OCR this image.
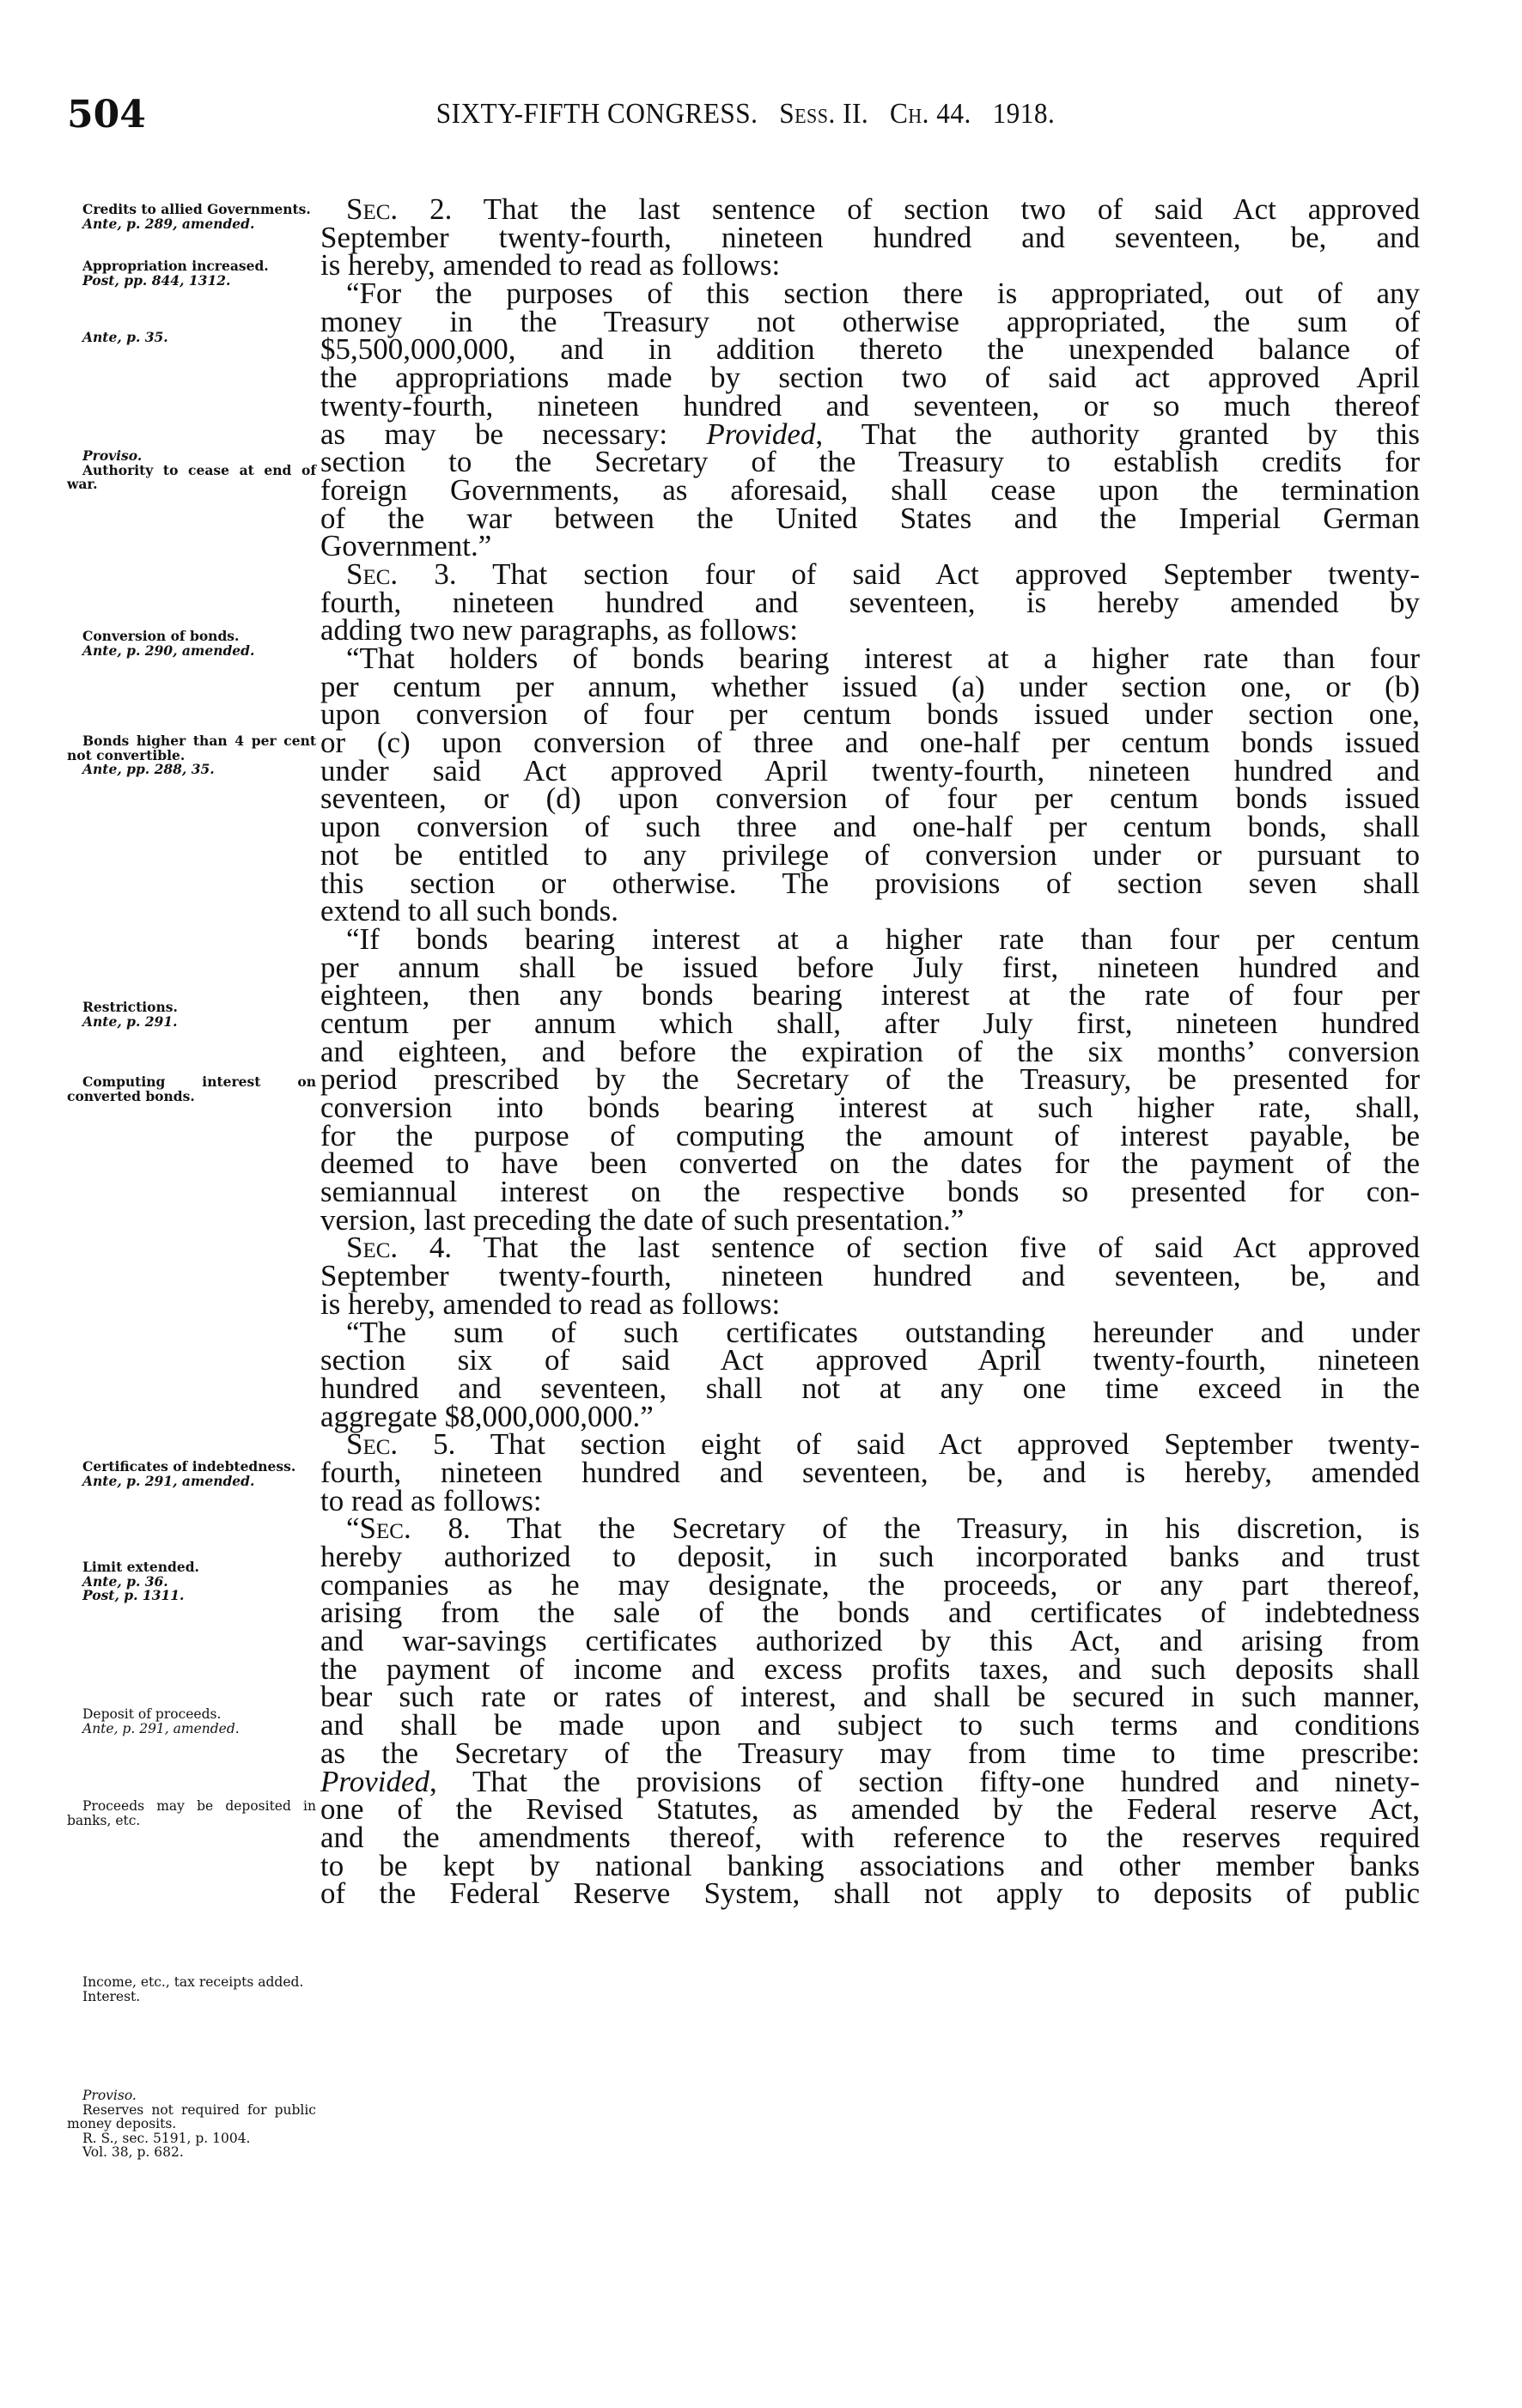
504	SIXTY-FIFTH CONGRESS. Sess. II. Ch. 44. 1918.
Credits to allied Governments.
Ante, p. 289, amended.
Appropriation increased.
Post, pp. 844, 1312.
Ante, p. 35.
Proviso.
Authority to cease at end of war.
Conversion of bonds.
Ante, p. 290, amended.
Bonds higher than 4 per cent not convertible.
Ante, pp. 288, 35.
Restrictions.
Ante, p. 291.
Computing interest on converted bonds.
Certificates of indebtedness.
Ante, p. 291, amended.
Limit extended.
Ante, p. 36.
Post, p. 1311.
Deposit of proceeds.
Ante, p. 291, amended.
Proceeds may be deposited in banks, etc.
Income, etc., tax receipts added.
Interest.
Proviso.
Reserves not required for public money deposits.
R. S., sec. 5191, p. 1004.
Vol. 38, p. 682.
Sec. 2. That the last sentence of section two of said Act approved
September twenty-fourth, nineteen hundred and seventeen, be, and
is hereby, amended to read as follows:
“For the purposes of this section there is appropriated, out of any
money in the Treasury not otherwise appropriated, the sum of
$5,500,000,000, and in addition thereto the unexpended balance of
the appropriations made by section two of said act approved April
twenty-fourth, nineteen hundred and seventeen, or so much thereof
as may be necessary: Provided, That the authority granted by this
section to the Secretary of the Treasury to establish credits for
foreign Governments, as aforesaid, shall cease upon the termination
of the war between the United States and the Imperial German
Government.”
Sec. 3. That section four of said Act approved September twenty-
fourth, nineteen hundred and seventeen, is hereby amended by
adding two new paragraphs, as follows:
“That holders of bonds bearing interest at a higher rate than four
per centum per annum, whether issued (a) under section one, or (b)
upon conversion of four per centum bonds issued under section one,
or (c) upon conversion of three and one-half per centum bonds issued
under said Act approved April twenty-fourth, nineteen hundred and
seventeen, or (d) upon conversion of four per centum bonds issued
upon conversion of such three and one-half per centum bonds, shall
not be entitled to any privilege of conversion under or pursuant to
this section or otherwise. The provisions of section seven shall
extend to all such bonds.
“If bonds bearing interest at a higher rate than four per centum
per annum shall be issued before July first, nineteen hundred and
eighteen, then any bonds bearing interest at the rate of four per
centum per annum which shall, after July first, nineteen hundred
and eighteen, and before the expiration of the six months’ conversion
period prescribed by the Secretary of the Treasury, be presented for
conversion into bonds bearing interest at such higher rate, shall,
for the purpose of computing the amount of interest payable, be
deemed to have been converted on the dates for the payment of the
semiannual interest on the respective bonds so presented for con-
version, last preceding the date of such presentation.”
Sec. 4. That the last sentence of section five of said Act approved
September twenty-fourth, nineteen hundred and seventeen, be, and
is hereby, amended to read as follows:
“The sum of such certificates outstanding hereunder and under
section six of said Act approved April twenty-fourth, nineteen
hundred and seventeen, shall not at any one time exceed in the
aggregate $8,000,000,000.”
Sec. 5. That section eight of said Act approved September twenty-
fourth, nineteen hundred and seventeen, be, and is hereby, amended
to read as follows:
“Sec. 8. That the Secretary of the Treasury, in his discretion, is
hereby authorized to deposit, in such incorporated banks and trust
companies as he may designate, the proceeds, or any part thereof,
arising from the sale of the bonds and certificates of indebtedness
and war-savings certificates authorized by this Act, and arising from
the payment of income and excess profits taxes, and such deposits shall
bear such rate or rates of interest, and shall be secured in such manner,
and shall be made upon and subject to such terms and conditions
as the Secretary of the Treasury may from time to time prescribe:
Provided, That the provisions of section fifty-one hundred and ninety-
one of the Revised Statutes, as amended by the Federal reserve Act,
and the amendments thereof, with reference to the reserves required
to be kept by national banking associations and other member banks
of the Federal Reserve System, shall not apply to deposits of public
